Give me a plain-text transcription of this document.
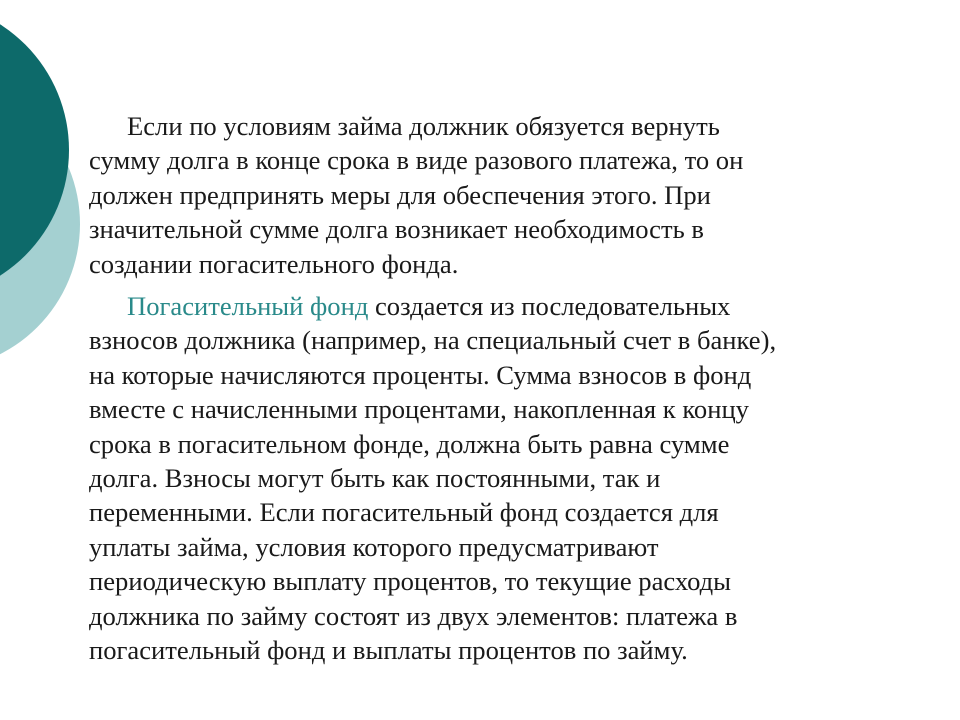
Если по условиям займа должник обязуется вернуть
сумму долга в конце срока в виде разового платежа, то он
должен предпринять меры для обеспечения этого. При
значительной сумме долга возникает необходимость в
создании погасительного фонда.

Погасительный фонд создается из последовательных
взносов должника (например, на специальный счет в банке),
на которые начисляются проценты. Сумма взносов в фонд
вместе с начисленными процентами, накопленная к концу
срока в погасительном фонде, должна быть равна сумме
долга. Взносы могут быть как постоянными, так и
переменными. Если погасительный фонд создается для
уплаты займа, условия которого предусматривают
периодическую выплату процентов, то текущие расходы
должника по займу состоят из двух элементов: платежа в
погасительный фонд и выплаты процентов по займу.
